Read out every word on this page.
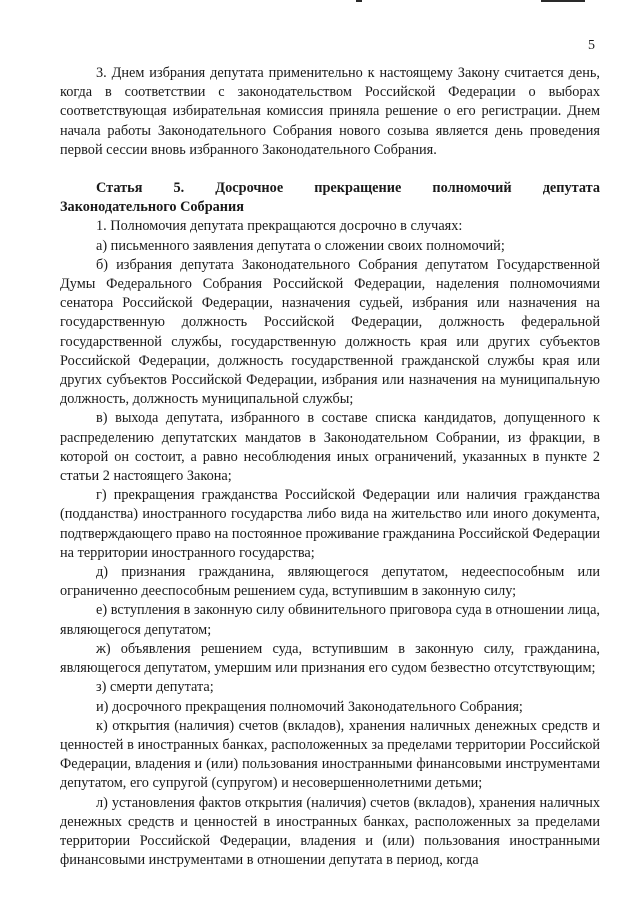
5

3. Днем избрания депутата применительно к настоящему Закону считается день, когда в соответствии с законодательством Российской Федерации о выборах соответствующая избирательная комиссия приняла решение о его регистрации. Днем начала работы Законодательного Собрания нового созыва является день проведения первой сессии вновь избранного Законодательного Собрания.

Статья 5. Досрочное прекращение полномочий депутата

Законодательного Собрания

1. Полномочия депутата прекращаются досрочно в случаях:

а) письменного заявления депутата о сложении своих полномочий;

б) избрания депутата Законодательного Собрания депутатом Государственной Думы Федерального Собрания Российской Федерации, наделения полномочиями сенатора Российской Федерации, назначения судьей, избрания или назначения на государственную должность Российской Федерации, должность федеральной государственной службы, государственную должность края или других субъектов Российской Федерации, должность государственной гражданской службы края или других субъектов Российской Федерации, избрания или назначения на муниципальную должность, должность муниципальной службы;

в) выхода депутата, избранного в составе списка кандидатов, допущенного к распределению депутатских мандатов в Законодательном Собрании, из фракции, в которой он состоит, а равно несоблюдения иных ограничений, указанных в пункте 2 статьи 2 настоящего Закона;

г) прекращения гражданства Российской Федерации или наличия гражданства (подданства) иностранного государства либо вида на жительство или иного документа, подтверждающего право на постоянное проживание гражданина Российской Федерации на территории иностранного государства;

д) признания гражданина, являющегося депутатом, недееспособным или ограниченно дееспособным решением суда, вступившим в законную силу;

е) вступления в законную силу обвинительного приговора суда в отношении лица, являющегося депутатом;

ж) объявления решением суда, вступившим в законную силу, гражданина, являющегося депутатом, умершим или признания его судом безвестно отсутствующим;

з) смерти депутата;

и) досрочного прекращения полномочий Законодательного Собрания;

к) открытия (наличия) счетов (вкладов), хранения наличных денежных средств и ценностей в иностранных банках, расположенных за пределами территории Российской Федерации, владения и (или) пользования иностранными финансовыми инструментами депутатом, его супругой (супругом) и несовершеннолетними детьми;

л) установления фактов открытия (наличия) счетов (вкладов), хранения наличных денежных средств и ценностей в иностранных банках, расположенных за пределами территории Российской Федерации, владения и (или) пользования иностранными финансовыми инструментами в отношении депутата в период, когда
